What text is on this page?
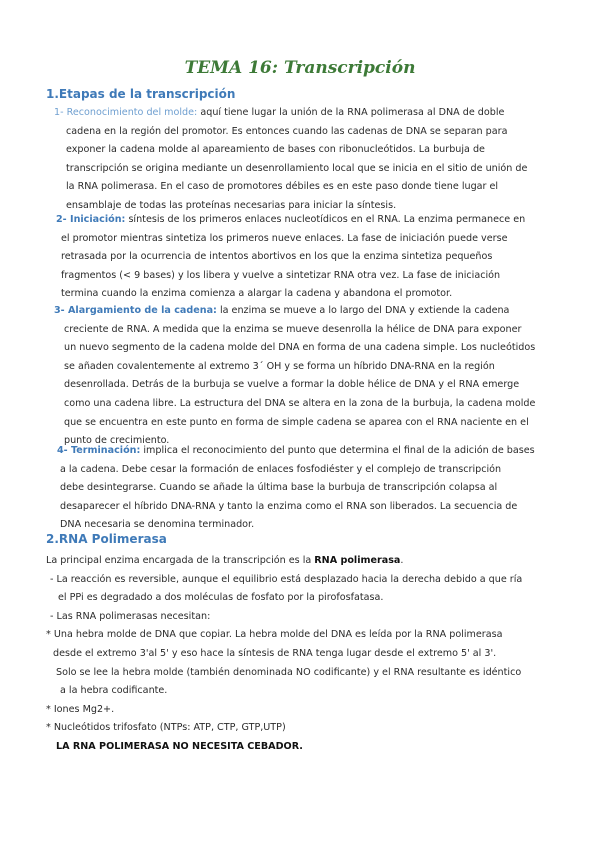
TEMA 16: Transcripción
1.Etapas de la transcripción

1- Reconocimiento del molde: aquí tiene lugar la unión de la RNA polimerasa al DNA de doble

cadena en la región del promotor. Es entonces cuando las cadenas de DNA se separan para

exponer la cadena molde al apareamiento de bases con ribonucleótidos. La burbuja de

transcripción se origina mediante un desenrollamiento local que se inicia en el sitio de unión de

la RNA polimerasa. En el caso de promotores débiles es en este paso donde tiene lugar el

ensamblaje de todas las proteínas necesarias para iniciar la síntesis.

2- Iniciación: síntesis de los primeros enlaces nucleotídicos en el RNA. La enzima permanece en

el promotor mientras sintetiza los primeros nueve enlaces. La fase de iniciación puede verse

retrasada por la ocurrencia de intentos abortivos en los que la enzima sintetiza pequeños

fragmentos (< 9 bases) y los libera y vuelve a sintetizar RNA otra vez. La fase de iniciación

termina cuando la enzima comienza a alargar la cadena y abandona el promotor.

3- Alargamiento de la cadena: la enzima se mueve a lo largo del DNA y extiende la cadena

creciente de RNA. A medida que la enzima se mueve desenrolla la hélice de DNA para exponer

un nuevo segmento de la cadena molde del DNA en forma de una cadena simple. Los nucleótidos

se añaden covalentemente al extremo 3´ OH y se forma un híbrido DNA-RNA en la región

desenrollada. Detrás de la burbuja se vuelve a formar la doble hélice de DNA y el RNA emerge

como una cadena libre. La estructura del DNA se altera en la zona de la burbuja, la cadena molde

que se encuentra en este punto en forma de simple cadena se aparea con el RNA naciente en el

punto de crecimiento.

4- Terminación: implica el reconocimiento del punto que determina el final de la adición de bases

a la cadena. Debe cesar la formación de enlaces fosfodiéster y el complejo de transcripción

debe desintegrarse. Cuando se añade la última base la burbuja de transcripción colapsa al

desaparecer el híbrido DNA-RNA y tanto la enzima como el RNA son liberados. La secuencia de

DNA necesaria se denomina terminador.

2.RNA Polimerasa

La principal enzima encargada de la transcripción es la RNA polimerasa.

- La reacción es reversible, aunque el equilibrio está desplazado hacia la derecha debido a que ría

el PPi es degradado a dos moléculas de fosfato por la pirofosfatasa.

- Las RNA polimerasas necesitan:

* Una hebra molde de DNA que copiar. La hebra molde del DNA es leída por la RNA polimerasa

desde el extremo 3'al 5' y eso hace la síntesis de RNA tenga lugar desde el extremo 5' al 3'.

Solo se lee la hebra molde (también denominada NO codificante) y el RNA resultante es idéntico

a la hebra codificante.

* Iones Mg2+.

* Nucleótidos trifosfato (NTPs: ATP, CTP, GTP,UTP)

LA RNA POLIMERASA NO NECESITA CEBADOR.
